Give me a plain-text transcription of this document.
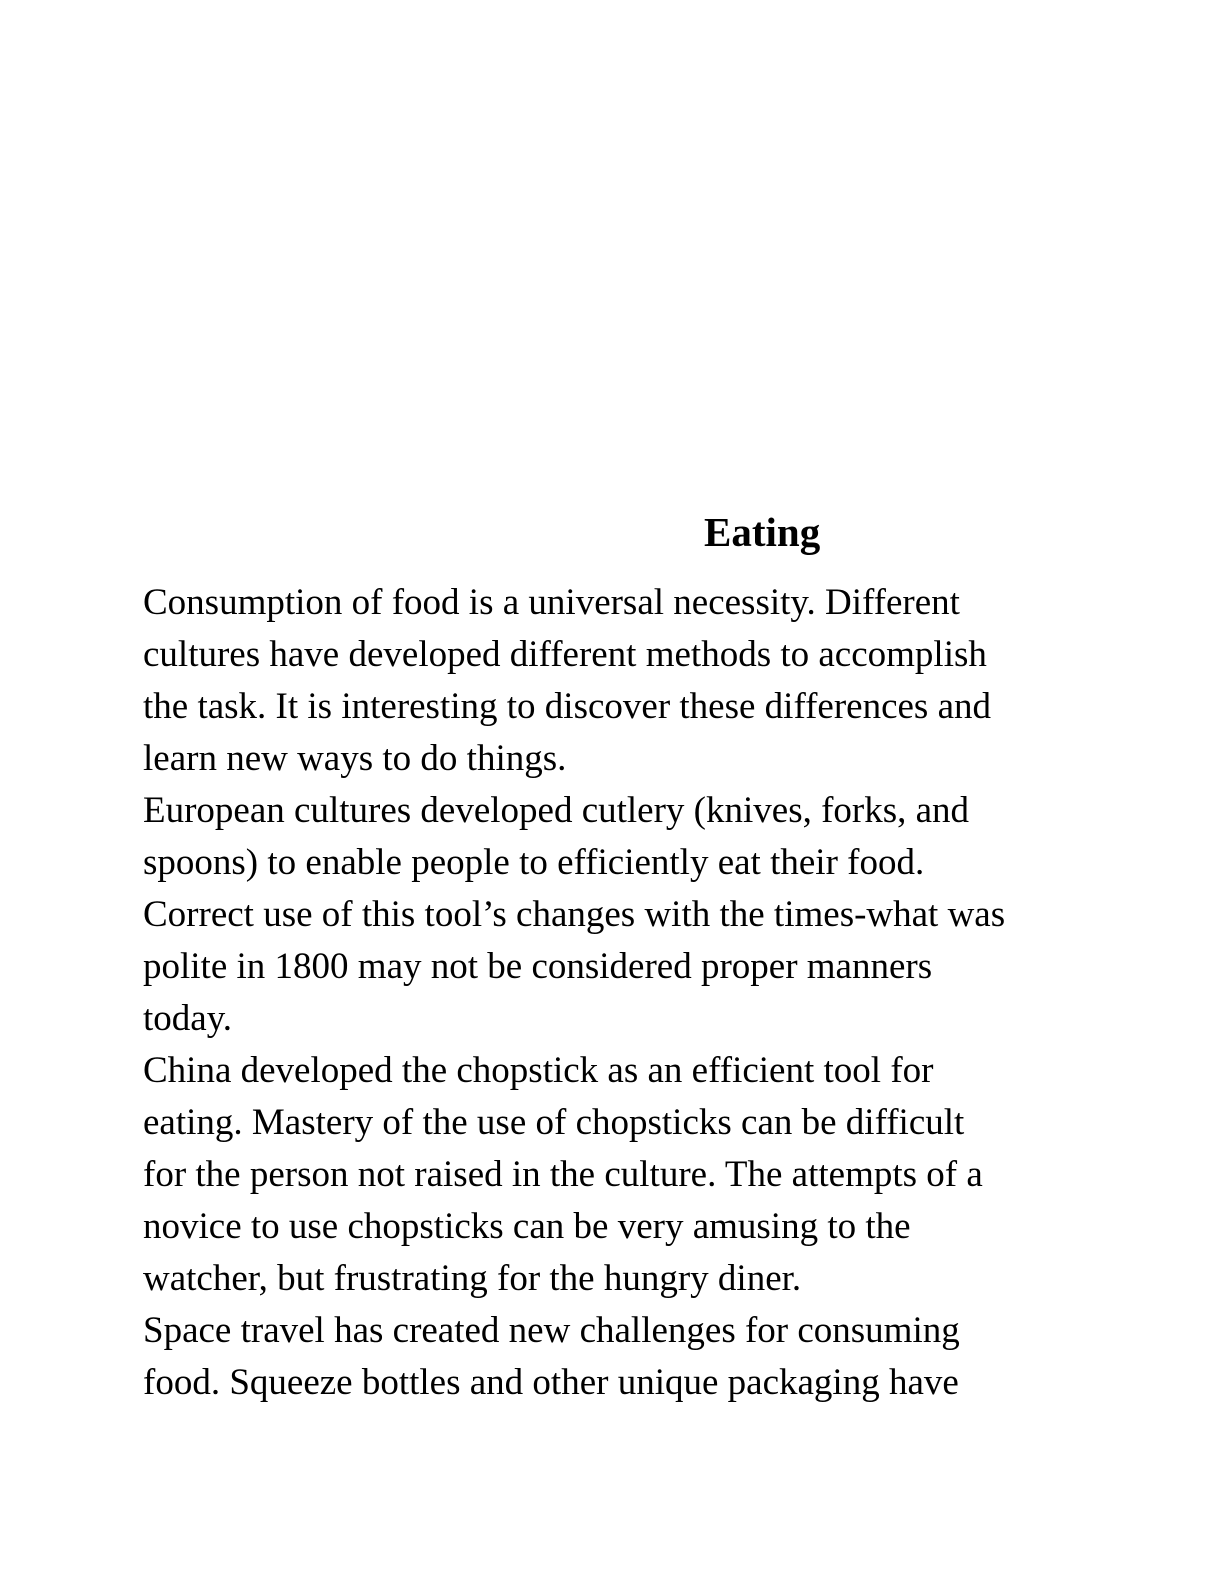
Eating
Consumption of food is a universal necessity. Different
cultures have developed different methods to accomplish
the task. It is interesting to discover these differences and
learn new ways to do things.
European cultures developed cutlery (knives, forks, and
spoons) to enable people to efficiently eat their food.
Correct use of this tool’s changes with the times-what was
polite in 1800 may not be considered proper manners
today.
China developed the chopstick as an efficient tool for
eating. Mastery of the use of chopsticks can be difficult
for the person not raised in the culture. The attempts of a
novice to use chopsticks can be very amusing to the
watcher, but frustrating for the hungry diner.
Space travel has created new challenges for consuming
food. Squeeze bottles and other unique packaging have
